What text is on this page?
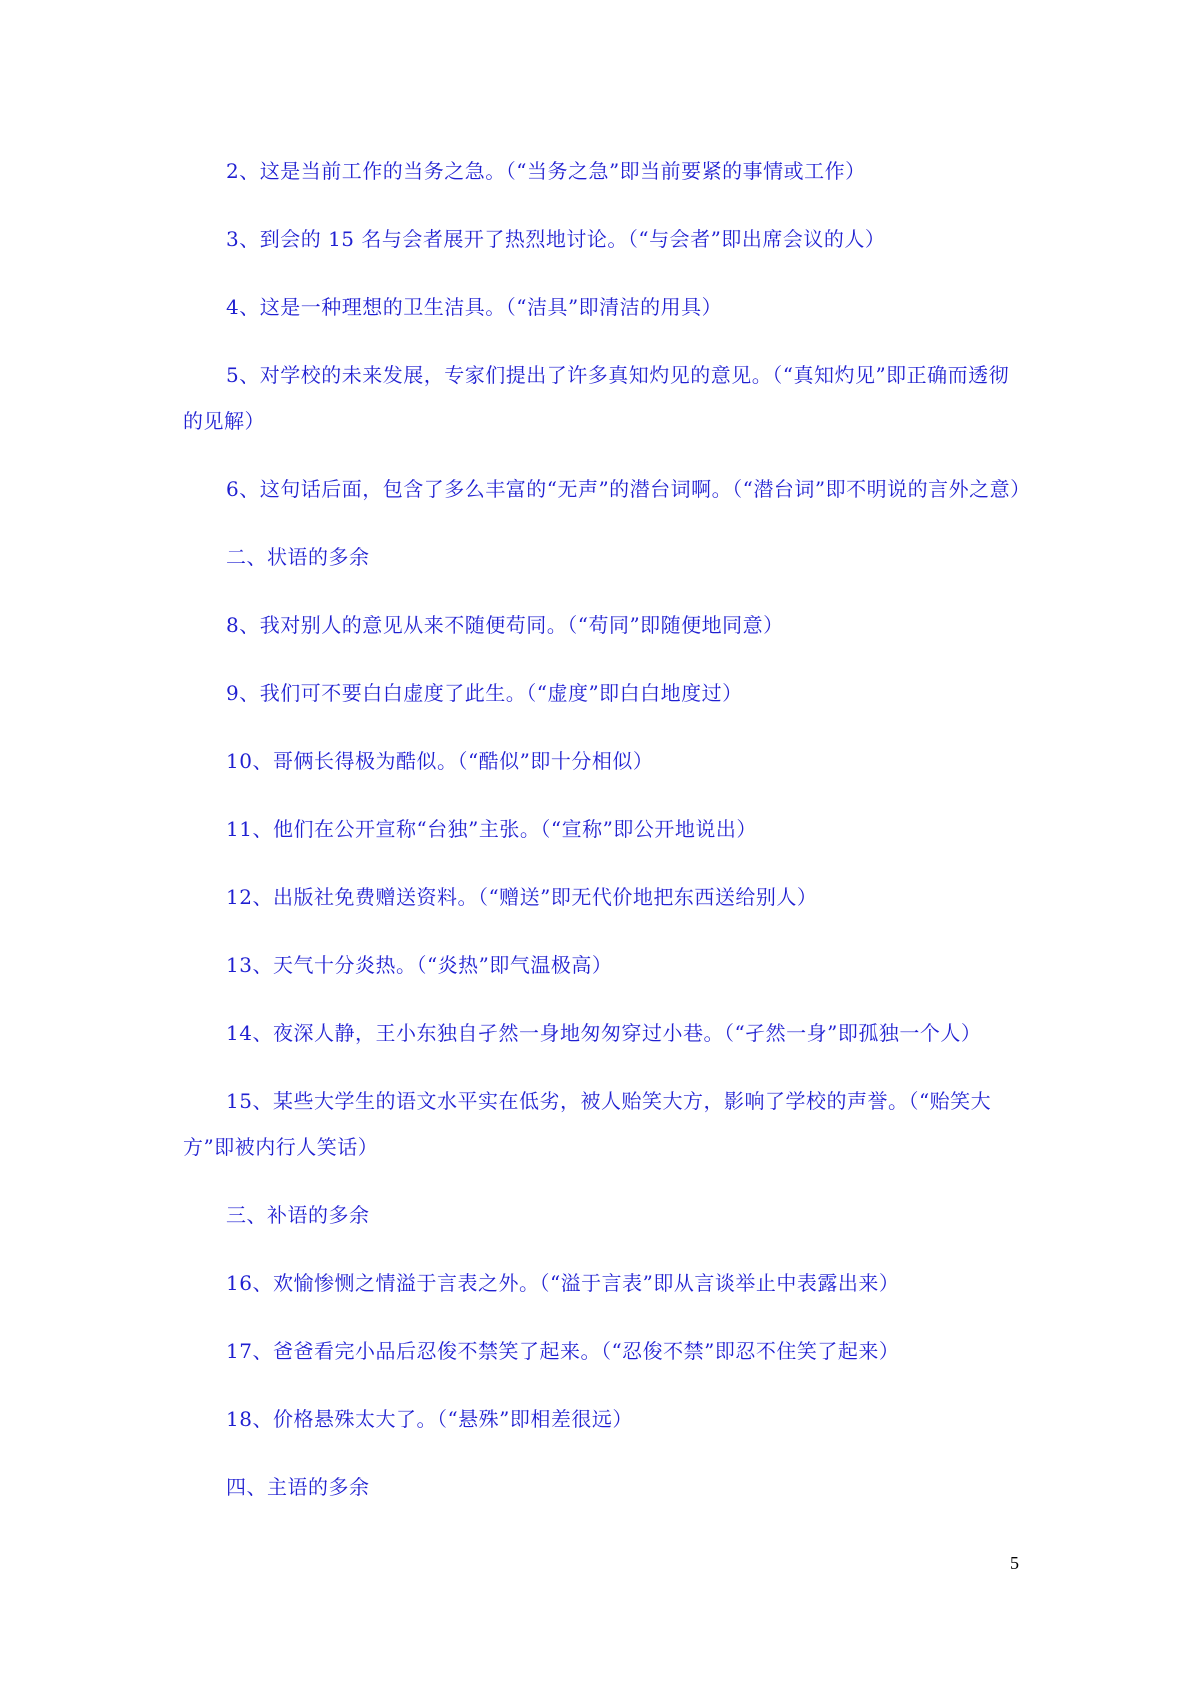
2、这是当前工作的当务之急。（“当务之急”即当前要紧的事情或工作）

3、到会的 15 名与会者展开了热烈地讨论。（“与会者”即出席会议的人）

4、这是一种理想的卫生洁具。（“洁具”即清洁的用具）

5、对学校的未来发展，专家们提出了许多真知灼见的意见。（“真知灼见”即正确而透彻的见解）

6、这句话后面，包含了多么丰富的“无声”的潜台词啊。（“潜台词”即不明说的言外之意）

二、状语的多余

8、我对别人的意见从来不随便苟同。（“苟同”即随便地同意）

9、我们可不要白白虚度了此生。（“虚度”即白白地度过）

10、哥俩长得极为酷似。（“酷似”即十分相似）

11、他们在公开宣称“台独”主张。（“宣称”即公开地说出）

12、出版社免费赠送资料。（“赠送”即无代价地把东西送给别人）

13、天气十分炎热。（“炎热”即气温极高）

14、夜深人静，王小东独自孑然一身地匆匆穿过小巷。（“孑然一身”即孤独一个人）

15、某些大学生的语文水平实在低劣，被人贻笑大方，影响了学校的声誉。（“贻笑大方”即被内行人笑话）

三、补语的多余

16、欢愉惨恻之情溢于言表之外。（“溢于言表”即从言谈举止中表露出来）

17、爸爸看完小品后忍俊不禁笑了起来。（“忍俊不禁”即忍不住笑了起来）

18、价格悬殊太大了。（“悬殊”即相差很远）

四、主语的多余

5
